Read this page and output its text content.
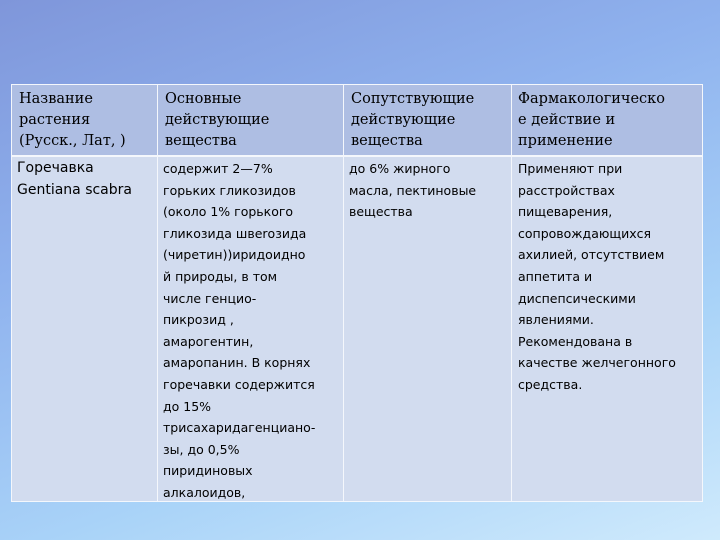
Название
растения
(Русск., Лат, )
Основные
действующие
вещества
Сопутствующие
действующие
вещества
Фармакологическо
е действие и
применение
Горечавка
Gentiana scabra
содержит 2—7%
горьких гликозидов
(около 1% горького
гликозида швerозида
(чиретин))иридоидно
й природы, в том
числе генцио-
пикрозид ,
амарогентин,
амаропанин. В корнях
горечавки содержится
до 15%
трисахаридагенциано-
зы, до 0,5%
пиридиновых
алкалоидов,
до 6% жирного
масла, пектиновые
вещества
Применяют при
расстройствах
пищеварения,
сопровождающихся
ахилией, отсутствием
аппетита и
диспепсическими
явлениями.
Рекомендована в
качестве желчегонного
средства.
